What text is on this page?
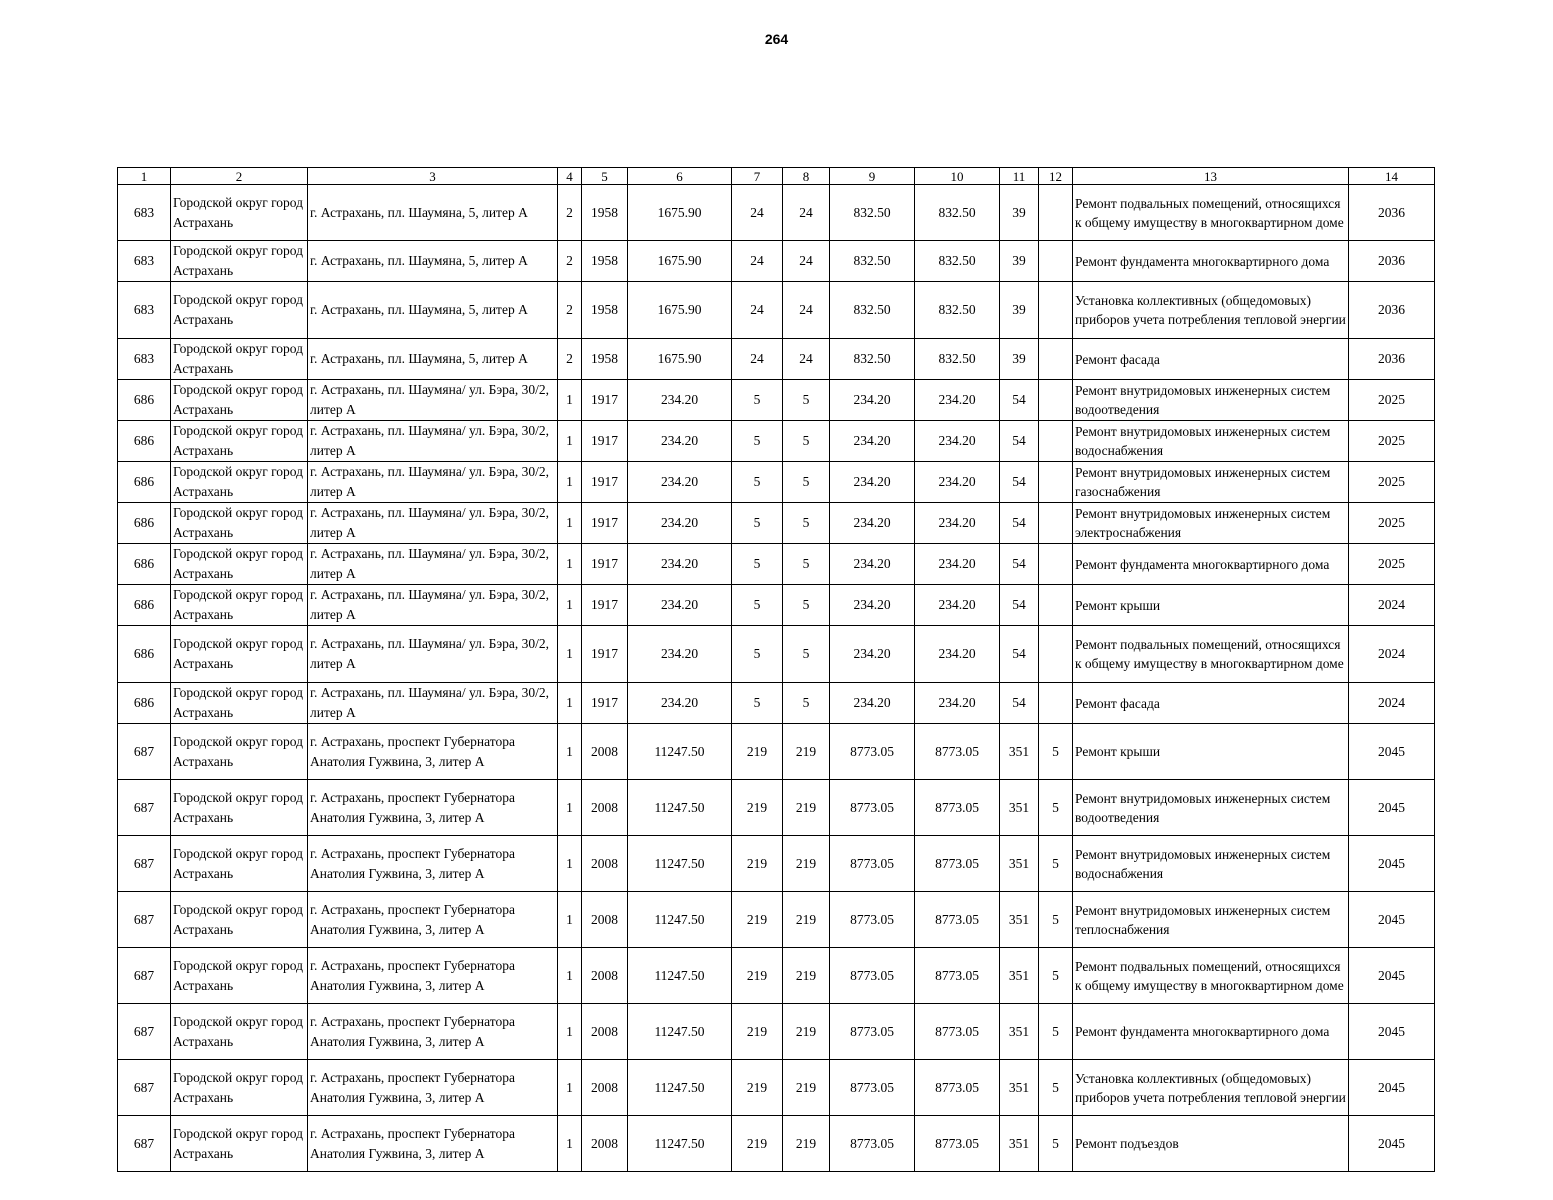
264
1	2	3	4	5	6	7	8	9	10	11	12	13	14
683	Городской округ город Астрахань	г. Астрахань, пл. Шаумяна, 5, литер А	2	1958	1675.90	24	24	832.50	832.50	39		Ремонт подвальных помещений, относящихся к общему имуществу в многоквартирном доме	2036
683	Городской округ город Астрахань	г. Астрахань, пл. Шаумяна, 5, литер А	2	1958	1675.90	24	24	832.50	832.50	39		Ремонт фундамента многоквартирного дома	2036
683	Городской округ город Астрахань	г. Астрахань, пл. Шаумяна, 5, литер А	2	1958	1675.90	24	24	832.50	832.50	39		Установка коллективных (общедомовых) приборов учета потребления тепловой энергии	2036
683	Городской округ город Астрахань	г. Астрахань, пл. Шаумяна, 5, литер А	2	1958	1675.90	24	24	832.50	832.50	39		Ремонт фасада	2036
686	Городской округ город Астрахань	г. Астрахань, пл. Шаумяна/ ул. Бэра, 30/2, литер А	1	1917	234.20	5	5	234.20	234.20	54		Ремонт внутридомовых инженерных систем водоотведения	2025
686	Городской округ город Астрахань	г. Астрахань, пл. Шаумяна/ ул. Бэра, 30/2, литер А	1	1917	234.20	5	5	234.20	234.20	54		Ремонт внутридомовых инженерных систем водоснабжения	2025
686	Городской округ город Астрахань	г. Астрахань, пл. Шаумяна/ ул. Бэра, 30/2, литер А	1	1917	234.20	5	5	234.20	234.20	54		Ремонт внутридомовых инженерных систем газоснабжения	2025
686	Городской округ город Астрахань	г. Астрахань, пл. Шаумяна/ ул. Бэра, 30/2, литер А	1	1917	234.20	5	5	234.20	234.20	54		Ремонт внутридомовых инженерных систем электроснабжения	2025
686	Городской округ город Астрахань	г. Астрахань, пл. Шаумяна/ ул. Бэра, 30/2, литер А	1	1917	234.20	5	5	234.20	234.20	54		Ремонт фундамента многоквартирного дома	2025
686	Городской округ город Астрахань	г. Астрахань, пл. Шаумяна/ ул. Бэра, 30/2, литер А	1	1917	234.20	5	5	234.20	234.20	54		Ремонт крыши	2024
686	Городской округ город Астрахань	г. Астрахань, пл. Шаумяна/ ул. Бэра, 30/2, литер А	1	1917	234.20	5	5	234.20	234.20	54		Ремонт подвальных помещений, относящихся к общему имуществу в многоквартирном доме	2024
686	Городской округ город Астрахань	г. Астрахань, пл. Шаумяна/ ул. Бэра, 30/2, литер А	1	1917	234.20	5	5	234.20	234.20	54		Ремонт фасада	2024
687	Городской округ город Астрахань	г. Астрахань, проспект Губернатора Анатолия Гужвина, 3, литер А	1	2008	11247.50	219	219	8773.05	8773.05	351	5	Ремонт крыши	2045
687	Городской округ город Астрахань	г. Астрахань, проспект Губернатора Анатолия Гужвина, 3, литер А	1	2008	11247.50	219	219	8773.05	8773.05	351	5	Ремонт внутридомовых инженерных систем водоотведения	2045
687	Городской округ город Астрахань	г. Астрахань, проспект Губернатора Анатолия Гужвина, 3, литер А	1	2008	11247.50	219	219	8773.05	8773.05	351	5	Ремонт внутридомовых инженерных систем водоснабжения	2045
687	Городской округ город Астрахань	г. Астрахань, проспект Губернатора Анатолия Гужвина, 3, литер А	1	2008	11247.50	219	219	8773.05	8773.05	351	5	Ремонт внутридомовых инженерных систем теплоснабжения	2045
687	Городской округ город Астрахань	г. Астрахань, проспект Губернатора Анатолия Гужвина, 3, литер А	1	2008	11247.50	219	219	8773.05	8773.05	351	5	Ремонт подвальных помещений, относящихся к общему имуществу в многоквартирном доме	2045
687	Городской округ город Астрахань	г. Астрахань, проспект Губернатора Анатолия Гужвина, 3, литер А	1	2008	11247.50	219	219	8773.05	8773.05	351	5	Ремонт фундамента многоквартирного дома	2045
687	Городской округ город Астрахань	г. Астрахань, проспект Губернатора Анатолия Гужвина, 3, литер А	1	2008	11247.50	219	219	8773.05	8773.05	351	5	Установка коллективных (общедомовых) приборов учета потребления тепловой энергии	2045
687	Городской округ город Астрахань	г. Астрахань, проспект Губернатора Анатолия Гужвина, 3, литер А	1	2008	11247.50	219	219	8773.05	8773.05	351	5	Ремонт подъездов	2045
